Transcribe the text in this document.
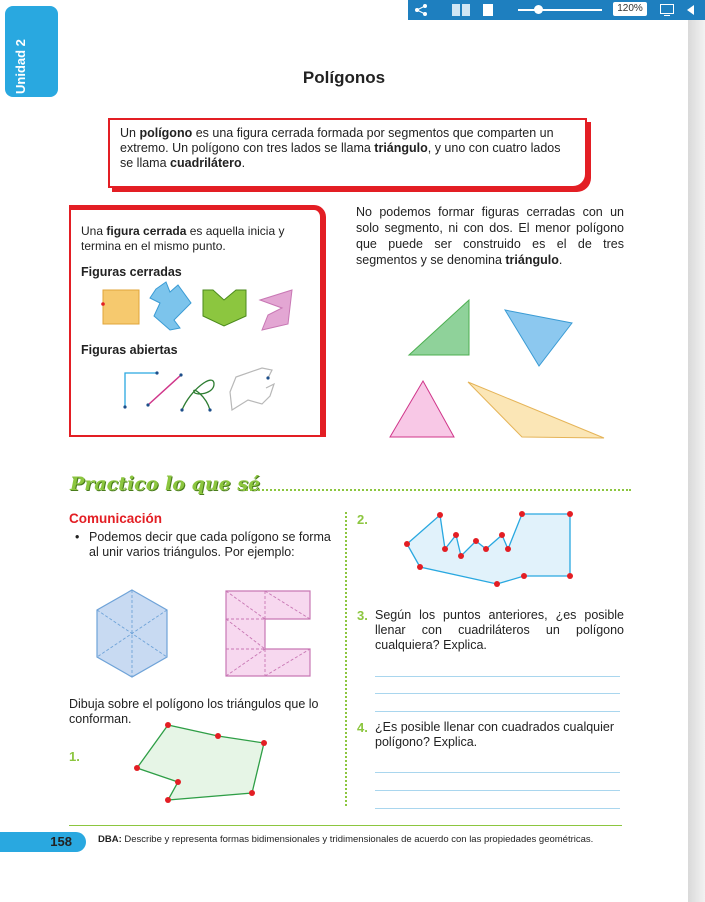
Unidad 2	Polígonos

Un polígono es una figura cerrada formada por segmentos que comparten un extremo. Un polígono con tres lados se llama triángulo, y uno con cuatro lados se llama cuadrilátero.

Una figura cerrada es aquella inicia y termina en el mismo punto.
Figuras cerradas
Figuras abiertas
No podemos formar figuras cerradas con un solo segmento, ni con dos. El menor polígono que puede ser construido es el de tres segmentos y se denomina triángulo.
Practico lo que sé
Comunicación
• Podemos decir que cada polígono se forma al unir varios triángulos. Por ejemplo:
Dibuja sobre el polígono los triángulos que lo conforman.
1.
2.
3. Según los puntos anteriores, ¿es posible llenar con cuadriláteros un polígono cualquiera? Explica.
4. ¿Es posible llenar con cuadrados cualquier polígono? Explica.
158	DBA: Describe y representa formas bidimensionales y tridimensionales de acuerdo con las propiedades geométricas.
120%
